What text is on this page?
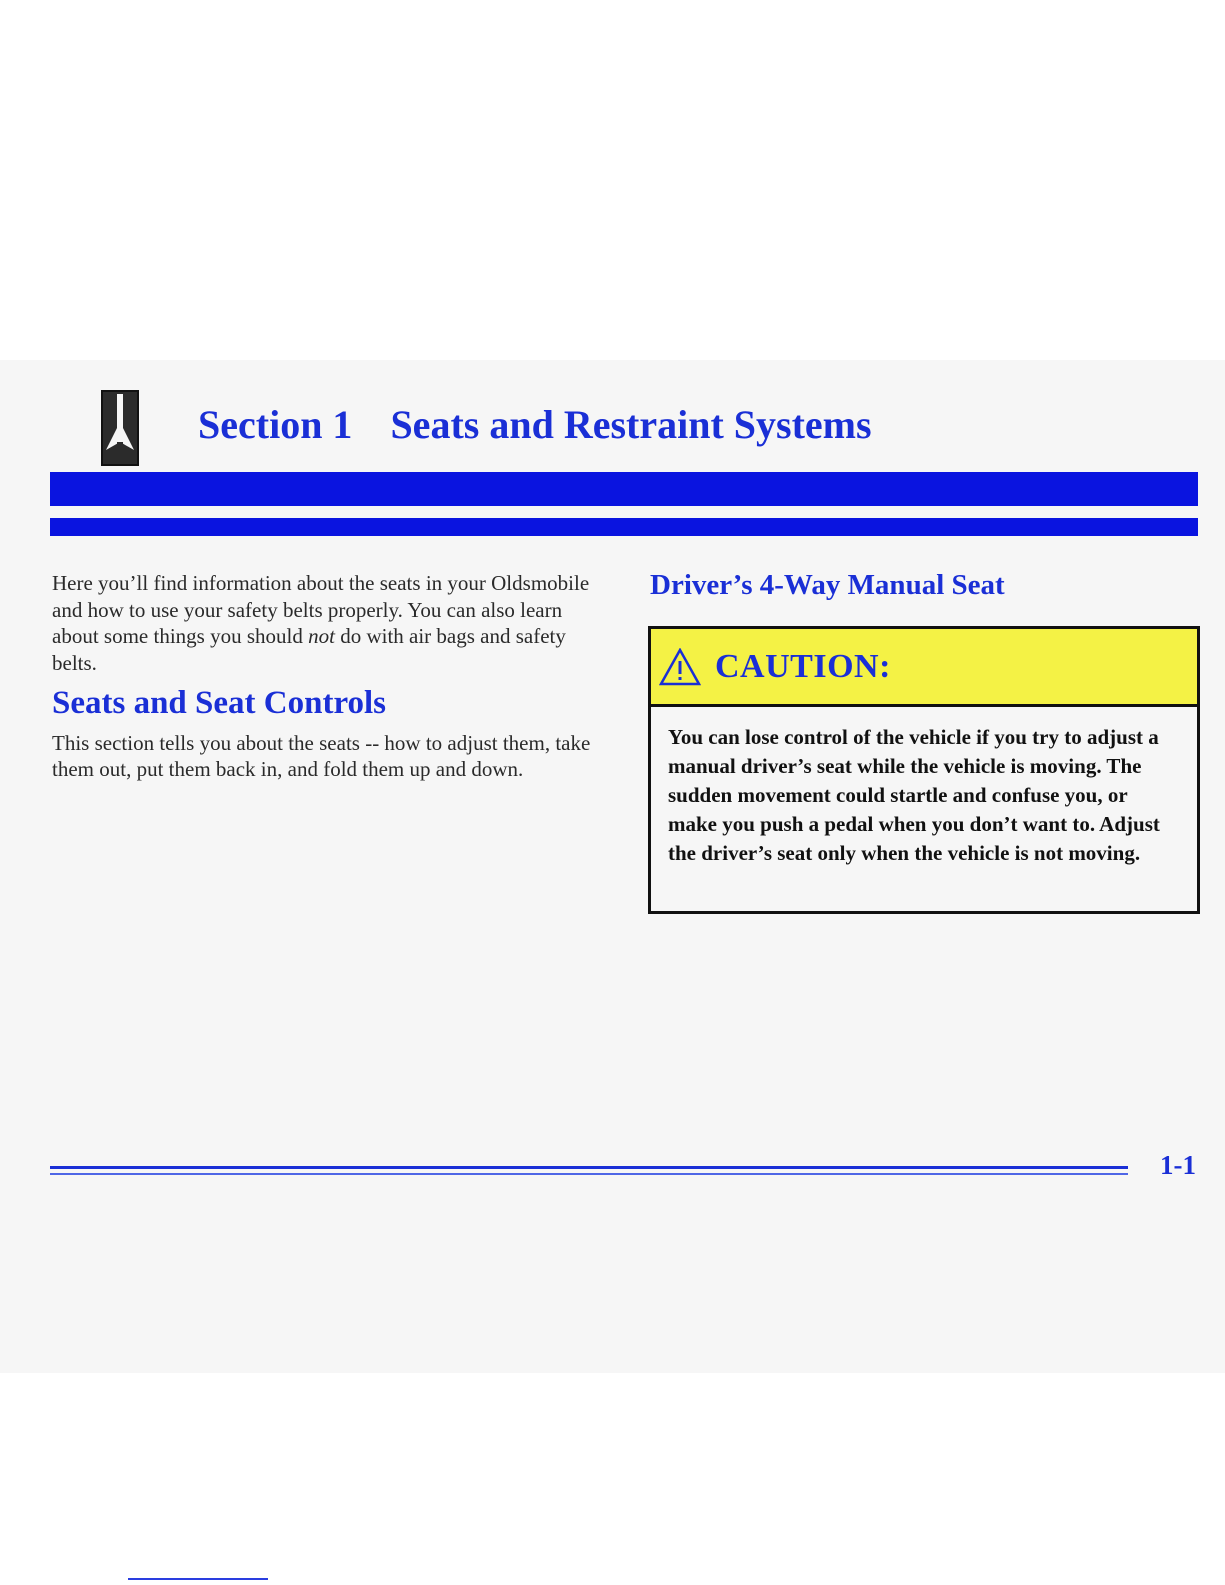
Section 1 Seats and Restraint Systems

Here you’ll find information about the seats in your Oldsmobile and how to use your safety belts properly. You can also learn about some things you should not do with air bags and safety belts.

Seats and Seat Controls

This section tells you about the seats -- how to adjust them, take them out, put them back in, and fold them up and down.

Driver’s 4-Way Manual Seat
CAUTION:

You can lose control of the vehicle if you try to adjust a manual driver’s seat while the vehicle is moving. The sudden movement could startle and confuse you, or make you push a pedal when you don’t want to. Adjust the driver’s seat only when the vehicle is not moving.

1-1
